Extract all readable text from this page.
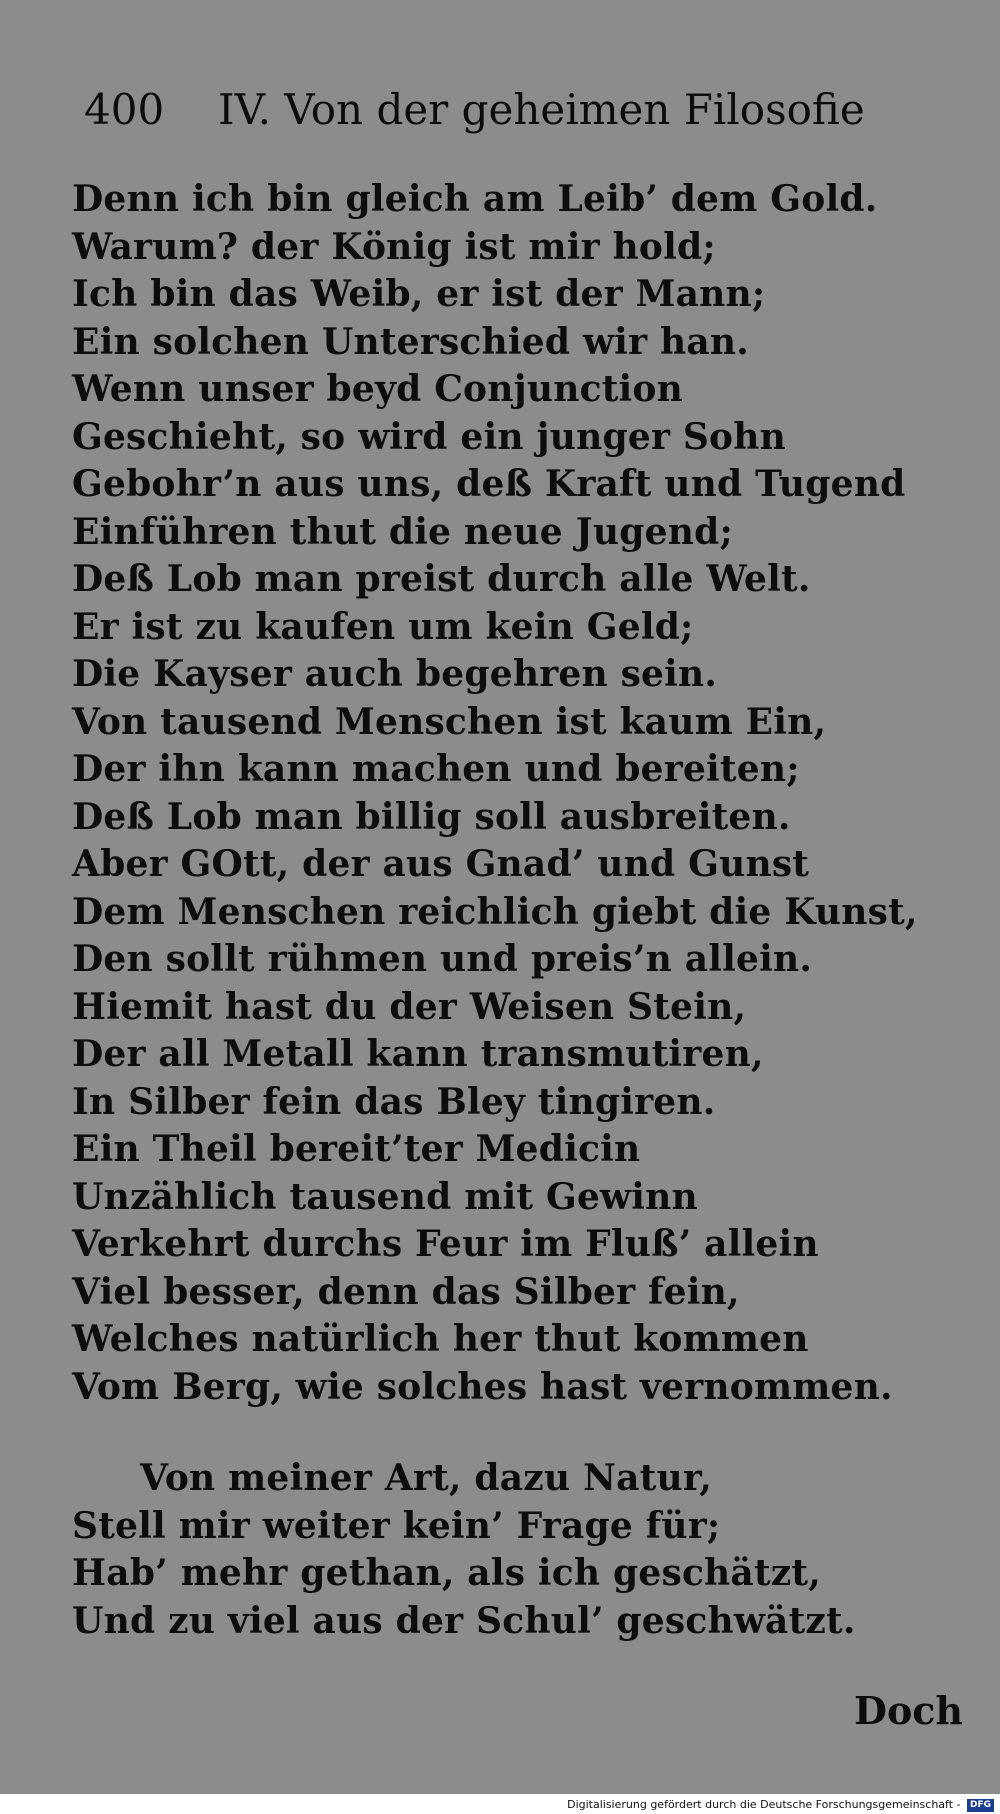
400 IV. Von der geheimen Filosofie
Denn ich bin gleich am Leib’ dem Gold.
Warum? der König ist mir hold;
Ich bin das Weib, er ist der Mann;
Ein solchen Unterschied wir han.
Wenn unser beyd Conjunction
Geschieht, so wird ein junger Sohn
Gebohr’n aus uns, deß Kraft und Tugend
Einführen thut die neue Jugend;
Deß Lob man preist durch alle Welt.
Er ist zu kaufen um kein Geld;
Die Kayser auch begehren sein.
Von tausend Menschen ist kaum Ein,
Der ihn kann machen und bereiten;
Deß Lob man billig soll ausbreiten.
Aber GOtt, der aus Gnad’ und Gunst
Dem Menschen reichlich giebt die Kunst,
Den sollt rühmen und preis’n allein.
Hiemit hast du der Weisen Stein,
Der all Metall kann transmutiren,
In Silber fein das Bley tingiren.
Ein Theil bereit’ter Medicin
Unzählich tausend mit Gewinn
Verkehrt durchs Feur im Fluß’ allein
Viel besser, denn das Silber fein,
Welches natürlich her thut kommen
Vom Berg, wie solches hast vernommen.
Von meiner Art, dazu Natur,
Stell mir weiter kein’ Frage für;
Hab’ mehr gethan, als ich geschätzt,
Und zu viel aus der Schul’ geschwätzt.
Doch
Digitalisierung gefördert durch die Deutsche Forschungsgemeinschaft - DFG
